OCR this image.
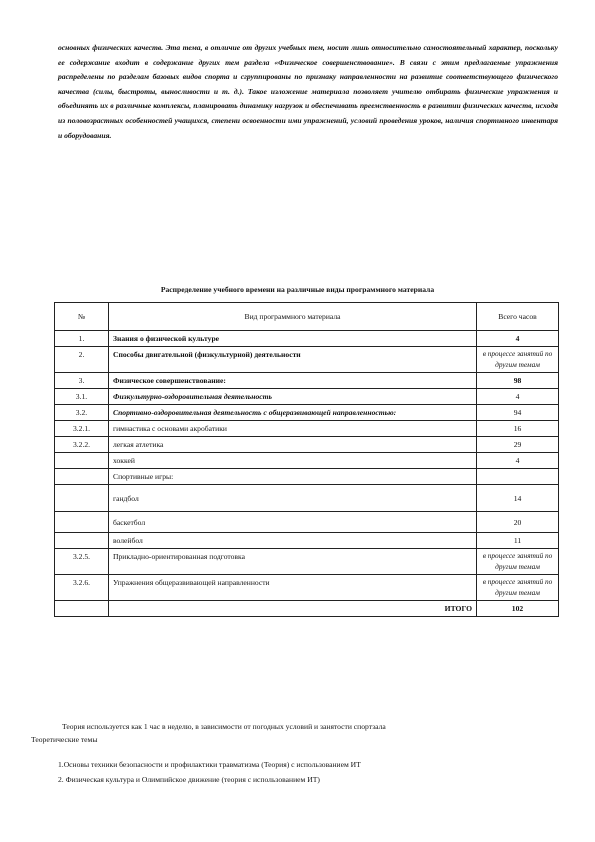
основных физических качеств. Эта тема, в отличие от других учебных тем, носит лишь относительно самостоятельный характер, поскольку ее содержание входит в содержание других тем раздела «Физическое совершенствование». В связи с этим предлагаемые упражнения распределены по разделам базовых видов спорта и сгруппированы по признаку направленности на развитие соответствующего физического качества (силы, быстроты, выносливости и т. д.). Такое изложение материала позволяет учителю отбирать физические упражнения и объединять их в различные комплексы, планировать динамику нагрузок и обеспечивать преемственность в развитии физических качеств, исходя из половозрастных особенностей учащихся, степени освоенности ими упражнений, условий проведения уроков, наличия спортивного инвентаря и оборудования.

Распределение учебного времени на различные виды программного материала
№	Вид программного материала	Всего часов
1.	Знания о физической культуре	4
2.	Способы двигательной (физкультурной) деятельности	в процессе занятий по другим темам
3.	Физическое совершенствование:	98
3.1.	Физкультурно-оздоровительная деятельность	4
3.2.	Спортивно-оздоровительная деятельность с общеразвивающей направленностью:	94
3.2.1.	гимнастика с основами акробатики	16
3.2.2.	легкая атлетика	29
	хоккей	4
	Спортивные игры:	
	гандбол	14
	баскетбол	20
	волейбол	11
3.2.5.	Прикладно-ориентированная подготовка	в процессе занятий по другим темам
3.2.6.	Упражнения общеразвивающей направленности	в процессе занятий по другим темам
	ИТОГО	102

Теория используется как 1 час в неделю, в зависимости от погодных условий и занятости спортзала

Теоретические темы

1.Основы техники безопасности и профилактики травматизма (Теория) с использованием ИТ

2. Физическая культура и Олимпийское движение (теория с использованием ИТ)
